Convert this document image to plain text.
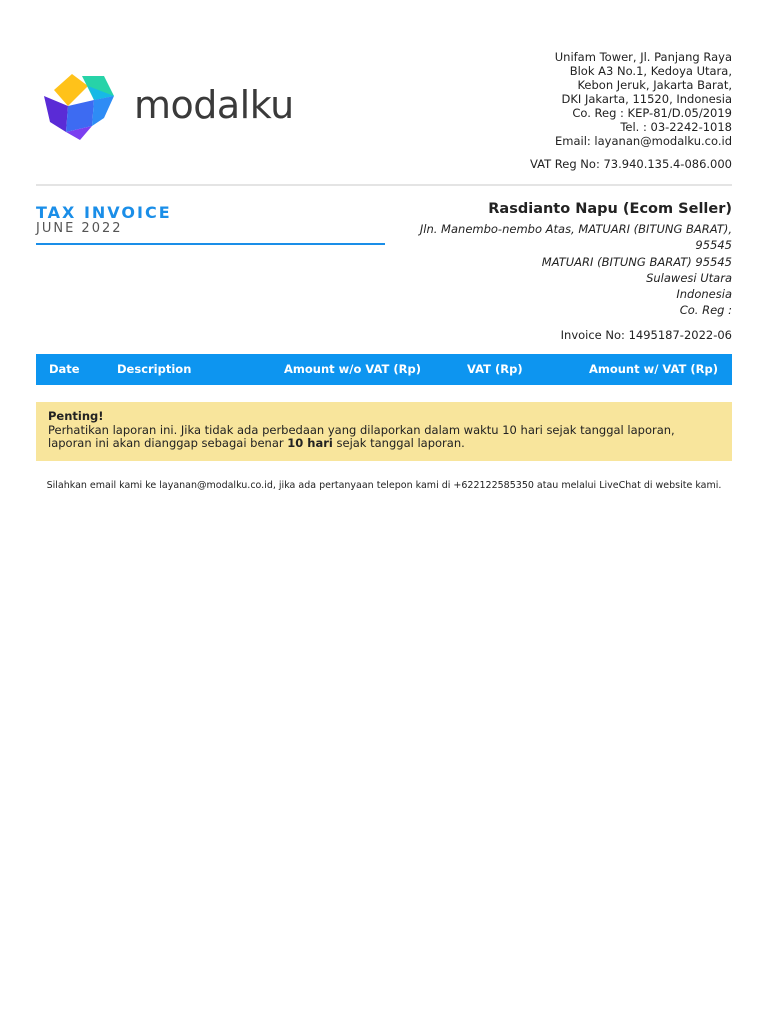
modalku
Unifam Tower, Jl. Panjang Raya
Blok A3 No.1, Kedoya Utara,
Kebon Jeruk, Jakarta Barat,
DKI Jakarta, 11520, Indonesia
Co. Reg : KEP-81/D.05/2019
Tel. : 03-2242-1018
Email: layanan@modalku.co.id
VAT Reg No: 73.940.135.4-086.000
TAX INVOICE
JUNE 2022
Rasdianto Napu (Ecom Seller)
Jln. Manembo-nembo Atas, MATUARI (BITUNG BARAT),
95545
MATUARI (BITUNG BARAT) 95545
Sulawesi Utara
Indonesia
Co. Reg :
Invoice No: 1495187-2022-06
Date	Description	Amount w/o VAT (Rp)	VAT (Rp)	Amount w/ VAT (Rp)
Penting!
Perhatikan laporan ini. Jika tidak ada perbedaan yang dilaporkan dalam waktu 10 hari sejak tanggal laporan, laporan ini akan dianggap sebagai benar 10 hari sejak tanggal laporan.
Silahkan email kami ke layanan@modalku.co.id, jika ada pertanyaan telepon kami di +622122585350 atau melalui LiveChat di website kami.
